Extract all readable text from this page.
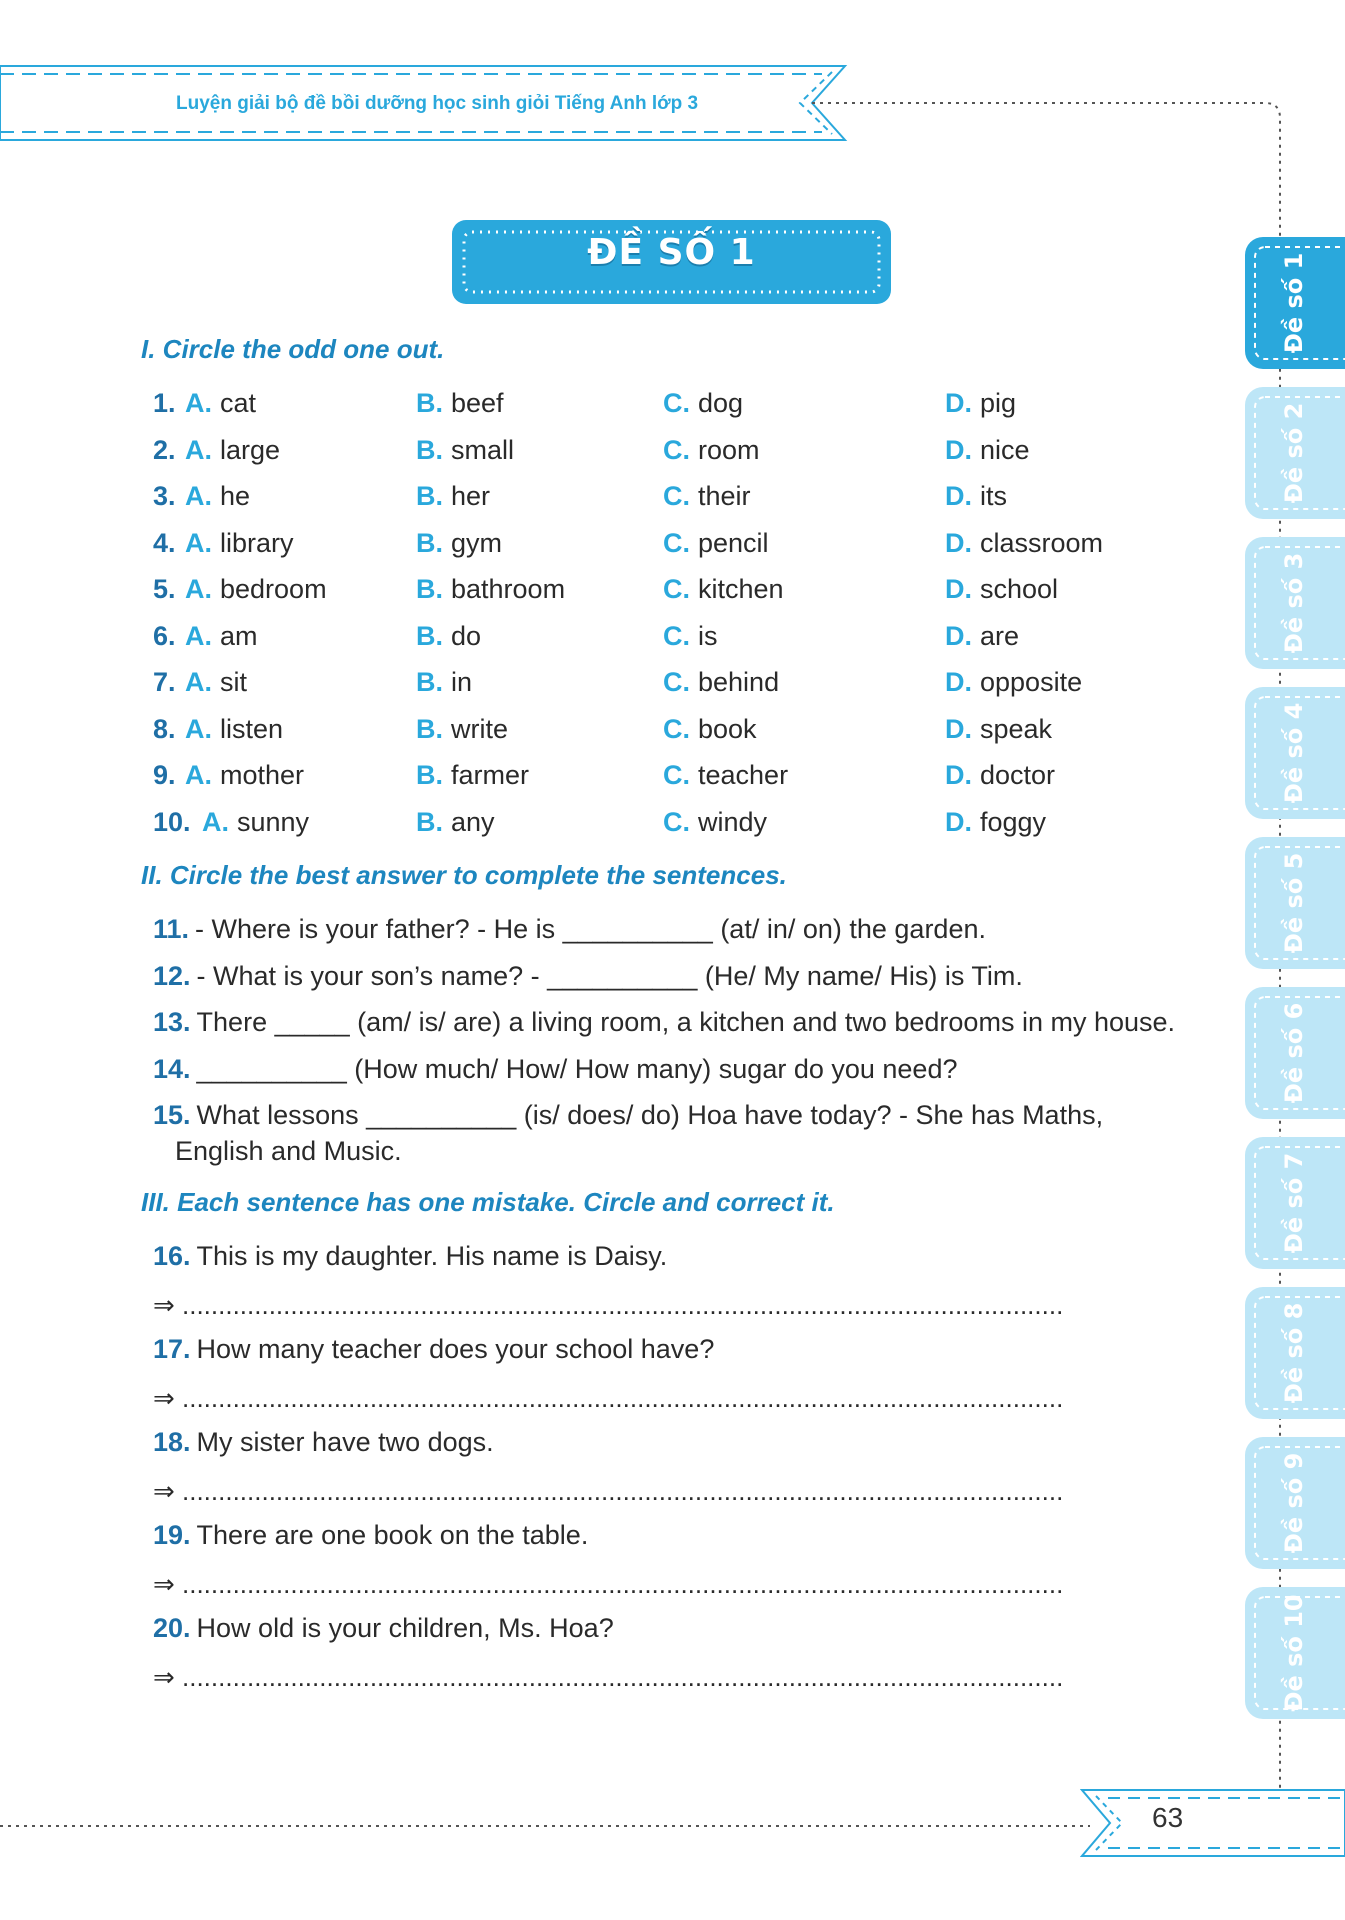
Luyện giải bộ đề bồi dưỡng học sinh giỏi Tiếng Anh lớp 3
ĐỀ SỐ 1
I. Circle the odd one out.
1. A. cat	B. beef	C. dog	D. pig
2. A. large	B. small	C. room	D. nice
3. A. he	B. her	C. their	D. its
4. A. library	B. gym	C. pencil	D. classroom
5. A. bedroom	B. bathroom	C. kitchen	D. school
6. A. am	B. do	C. is	D. are
7. A. sit	B. in	C. behind	D. opposite
8. A. listen	B. write	C. book	D. speak
9. A. mother	B. farmer	C. teacher	D. doctor
10. A. sunny	B. any	C. windy	D. foggy
II. Circle the best answer to complete the sentences.
11. - Where is your father? - He is __________ (at/ in/ on) the garden.
12. - What is your son’s name? - __________ (He/ My name/ His) is Tim.
13. There _____ (am/ is/ are) a living room, a kitchen and two bedrooms in my house.
14. __________ (How much/ How/ How many) sugar do you need?
15. What lessons __________ (is/ does/ do) Hoa have today? - She has Maths,
English and Music.
III. Each sentence has one mistake. Circle and correct it.
16. This is my daughter. His name is Daisy.
⇒ ..........................................................................................................................
17. How many teacher does your school have?
⇒ ..........................................................................................................................
18. My sister have two dogs.
⇒ ..........................................................................................................................
19. There are one book on the table.
⇒ ..........................................................................................................................
20. How old is your children, Ms. Hoa?
⇒ ..........................................................................................................................
Đề số 1
Đề số 2
Đề số 3
Đề số 4
Đề số 5
Đề số 6
Đề số 7
Đề số 8
Đề số 9
Đề số 10
63
